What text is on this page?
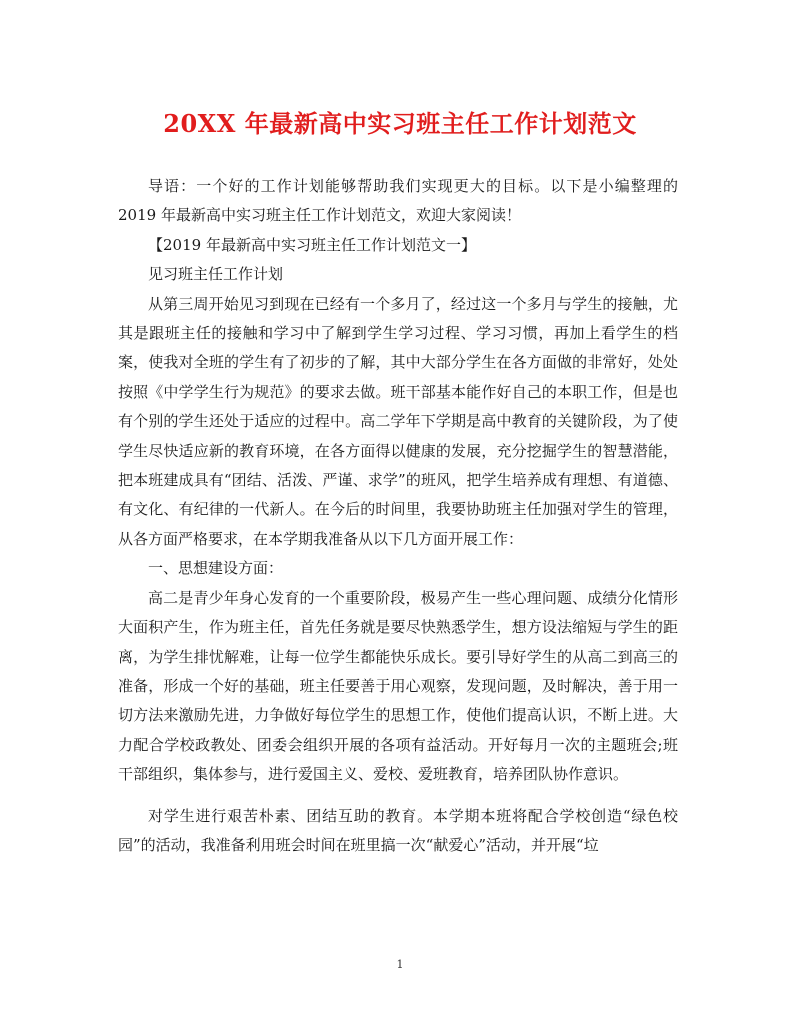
20XX 年最新高中实习班主任工作计划范文

导语：一个好的工作计划能够帮助我们实现更大的目标。以下是小编整理的2019 年最新高中实习班主任工作计划范文，欢迎大家阅读！

【2019 年最新高中实习班主任工作计划范文一】

见习班主任工作计划

从第三周开始见习到现在已经有一个多月了，经过这一个多月与学生的接触，尤其是跟班主任的接触和学习中了解到学生学习过程、学习习惯，再加上看学生的档案，使我对全班的学生有了初步的了解，其中大部分学生在各方面做的非常好，处处按照《中学学生行为规范》的要求去做。班干部基本能作好自己的本职工作，但是也有个别的学生还处于适应的过程中。高二学年下学期是高中教育的关键阶段，为了使学生尽快适应新的教育环境，在各方面得以健康的发展，充分挖掘学生的智慧潜能，把本班建成具有“团结、活泼、严谨、求学”的班风，把学生培养成有理想、有道德、有文化、有纪律的一代新人。在今后的时间里，我要协助班主任加强对学生的管理，从各方面严格要求，在本学期我准备从以下几方面开展工作：

一、思想建设方面：

高二是青少年身心发育的一个重要阶段，极易产生一些心理问题、成绩分化情形大面积产生，作为班主任，首先任务就是要尽快熟悉学生，想方设法缩短与学生的距离，为学生排忧解难，让每一位学生都能快乐成长。要引导好学生的从高二到高三的准备，形成一个好的基础，班主任要善于用心观察，发现问题，及时解决，善于用一切方法来激励先进，力争做好每位学生的思想工作，使他们提高认识，不断上进。大力配合学校政教处、团委会组织开展的各项有益活动。开好每月一次的主题班会;班干部组织，集体参与，进行爱国主义、爱校、爱班教育，培养团队协作意识。

对学生进行艰苦朴素、团结互助的教育。本学期本班将配合学校创造“绿色校园”的活动，我准备利用班会时间在班里搞一次“献爱心”活动，并开展“垃

1
